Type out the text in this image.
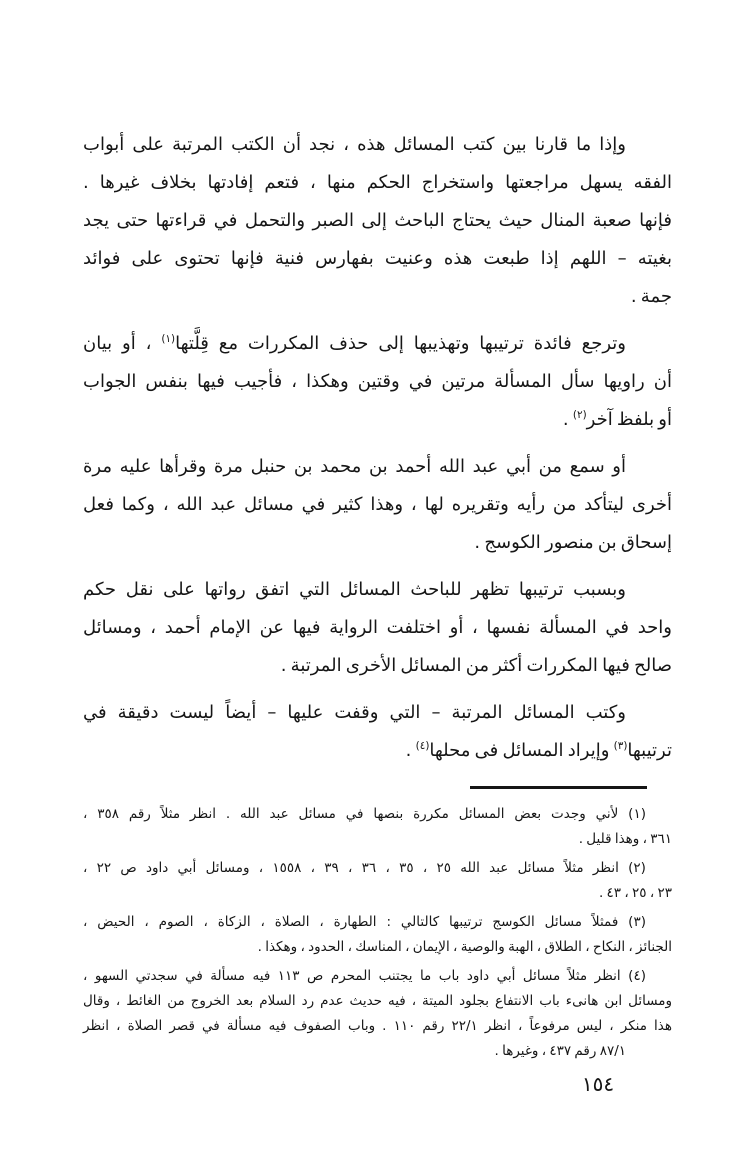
وإذا ما قارنا بين كتب المسائل هذه ، نجد أن الكتب المرتبة على أبواب
الفقه يسهل مراجعتها واستخراج الحكم منها ، فتعم إفادتها بخلاف غيرها .
فإنها صعبة المنال حيث يحتاج الباحث إلى الصبر والتحمل في قراءتها حتى يجد
بغيته – اللهم إذا طبعت هذه وعنيت بفهارس فنية فإنها تحتوى على فوائد
جمة .
وترجع فائدة ترتيبها وتهذيبها إلى حذف المكررات مع قِلَّتها$^{(١)}$ ، أو بيان
أن راويها سأل المسألة مرتين في وقتين وهكذا ، فأجيب فيها بنفس الجواب
أو بلفظ آخر$^{(٢)}$ .
أو سمع من أبي عبد الله أحمد بن محمد بن حنبل مرة وقرأها عليه مرة
أخرى ليتأكد من رأيه وتقريره لها ، وهذا كثير في مسائل عبد الله ، وكما فعل
إسحاق بن منصور الكوسج .
وبسبب ترتيبها تظهر للباحث المسائل التي اتفق رواتها على نقل حكم
واحد في المسألة نفسها ، أو اختلفت الرواية فيها عن الإمام أحمد ، ومسائل
صالح فيها المكررات أكثر من المسائل الأخرى المرتبة .
وكتب المسائل المرتبة – التي وقفت عليها – أيضاً ليست دقيقة في
ترتيبها$^{(٣)}$ وإيراد المسائل فى محلها$^{(٤)}$ .
(١) لأني وجدت بعض المسائل مكررة بنصها في مسائل عبد الله . انظر مثلاً رقم ٣٥٨ ،
٣٦١ ، وهذا قليل .
(٢) انظر مثلاً مسائل عبد الله ٢٥ ، ٣٥ ، ٣٦ ، ٣٩ ، ١٥٥٨ ، ومسائل أبي داود ص ٢٢ ،
٢٣ ، ٢٥ ، ٤٣ .
(٣) فمثلاً مسائل الكوسج ترتيبها كالتالي : الطهارة ، الصلاة ، الزكاة ، الصوم ، الحيض ،
الجنائز ، النكاح ، الطلاق ، الهبة والوصية ، الإيمان ، المناسك ، الحدود ، وهكذا .
(٤) انظر مثلاً مسائل أبي داود باب ما يجتنب المحرم ص ١١٣ فيه مسألة في سجدتي السهو ،
ومسائل ابن هانىء باب الانتفاع بجلود الميتة ، فيه حديث عدم رد السلام بعد الخروج من الغائط ، وقال
هذا منكر ، ليس مرفوعاً ، انظر ٢٢/١ رقم ١١٠ . وباب الصفوف فيه مسألة في قصر الصلاة ، انظر
٨٧/١ رقم ٤٣٧ ، وغيرها .
١٥٤
